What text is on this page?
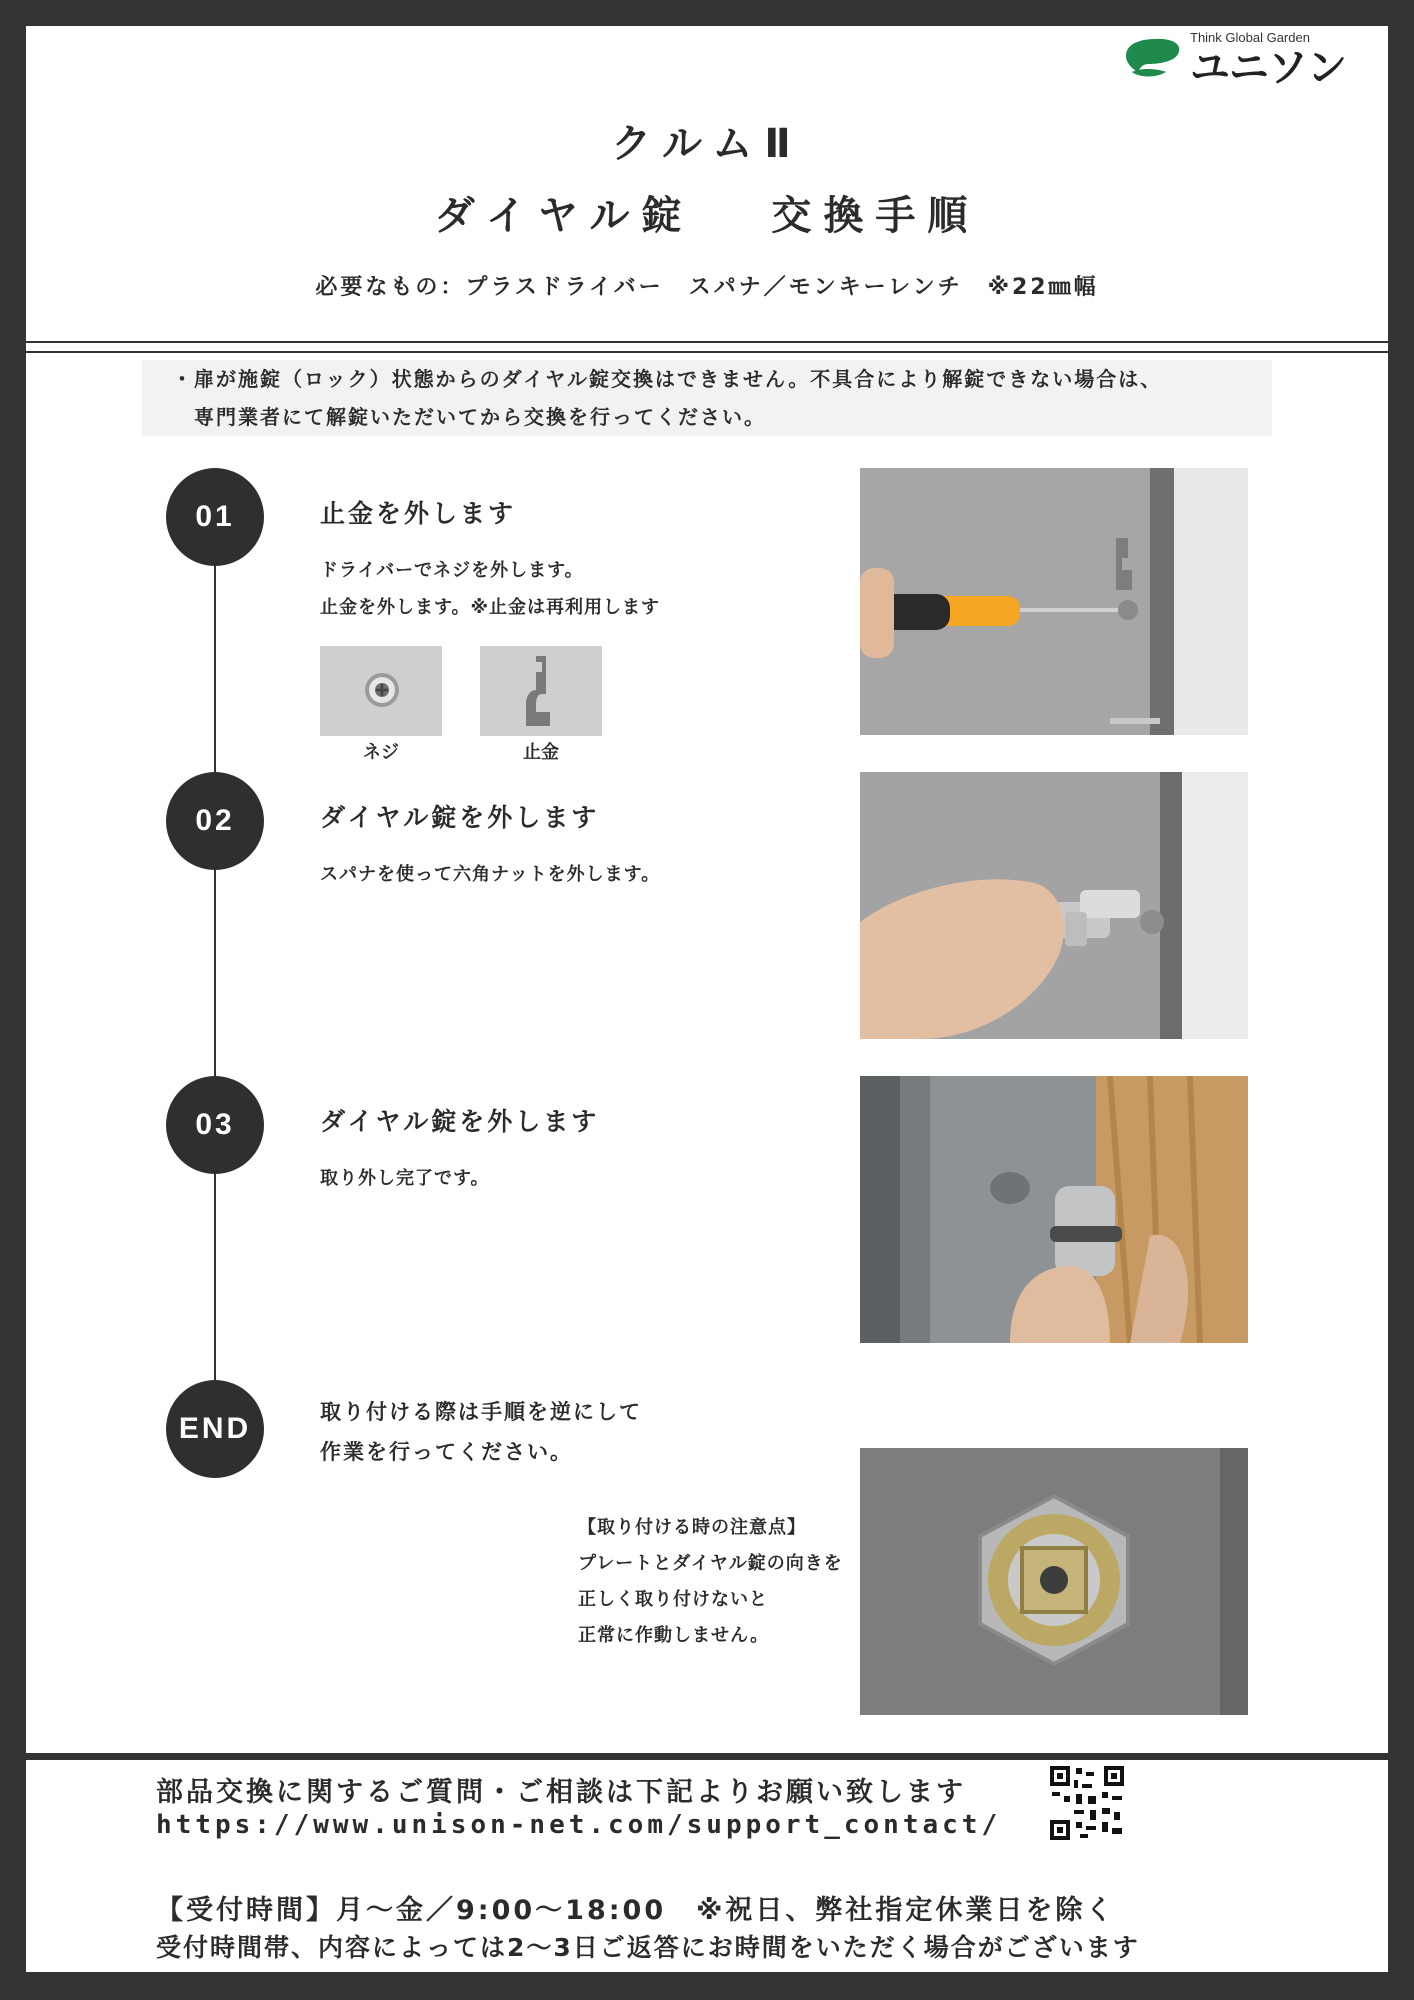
Think Global Garden
ユニソン
クルムⅡ
ダイヤル錠　 交換手順
必要なもの：プラスドライバー　スパナ／モンキーレンチ　※22㎜幅
・扉が施錠（ロック）状態からのダイヤル錠交換はできません。不具合により解錠できない場合は、
専門業者にて解錠いただいてから交換を行ってください。
01	止金を外します
ドライバーでネジを外します。
止金を外します。※止金は再利用します
ネジ	止金
02	ダイヤル錠を外します
スパナを使って六角ナットを外します。
03	ダイヤル錠を外します
取り外し完了です。
END	取り付ける際は手順を逆にして
作業を行ってください。
【取り付ける時の注意点】
プレートとダイヤル錠の向きを
正しく取り付けないと
正常に作動しません。
部品交換に関するご質問・ご相談は下記よりお願い致します
https://www.unison-net.com/support_contact/
【受付時間】月～金／9:00～18:00　※祝日、弊社指定休業日を除く
受付時間帯、内容によっては2～3日ご返答にお時間をいただく場合がございます
